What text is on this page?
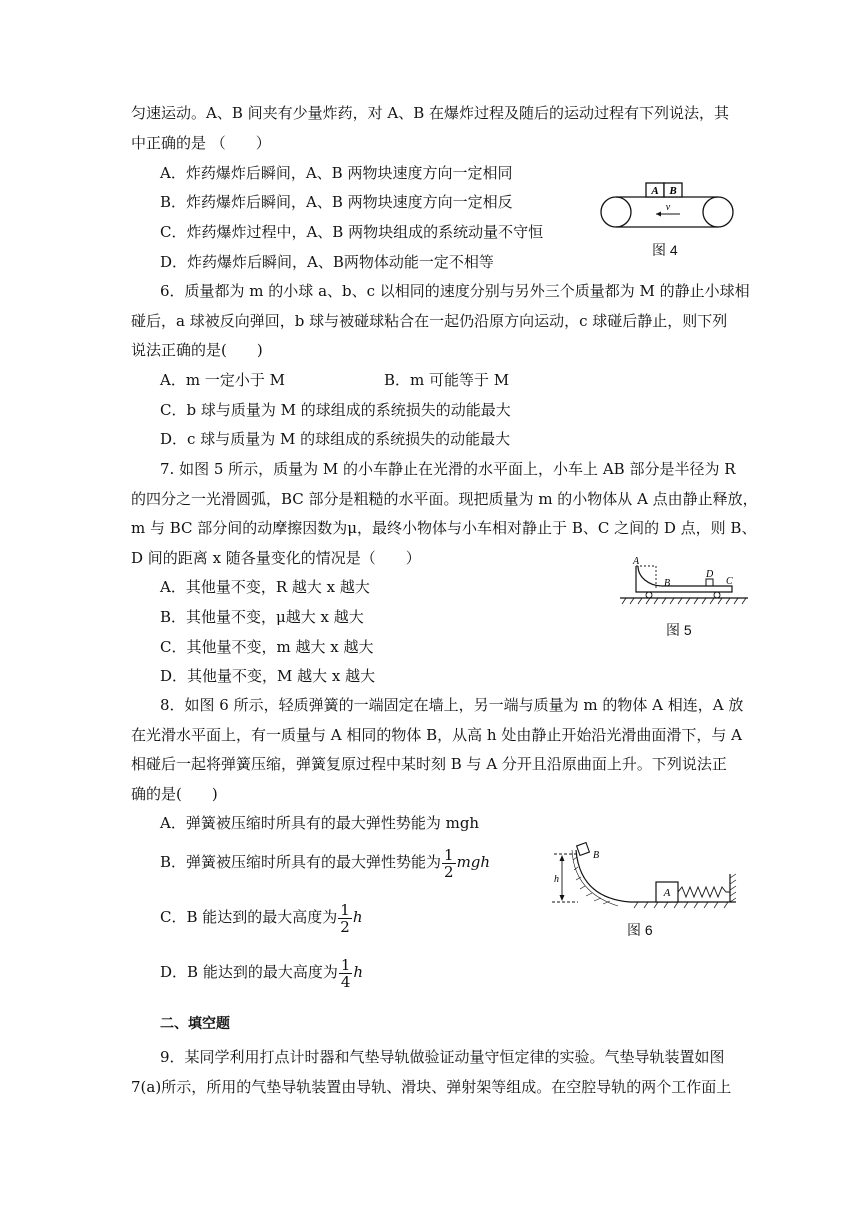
匀速运动。A、B 间夹有少量炸药，对 A、B 在爆炸过程及随后的运动过程有下列说法，其
中正确的是 （　　）
A．炸药爆炸后瞬间，A、B 两物块速度方向一定相同
B．炸药爆炸后瞬间，A、B 两物块速度方向一定相反
C．炸药爆炸过程中，A、B 两物块组成的系统动量不守恒
D．炸药爆炸后瞬间，A、B两物体动能一定不相等
A B
v
图 4
6．质量都为 m 的小球 a、b、c 以相同的速度分别与另外三个质量都为 M 的静止小球相
碰后，a 球被反向弹回，b 球与被碰球粘合在一起仍沿原方向运动，c 球碰后静止，则下列
说法正确的是(　　)
A．m 一定小于 M	B．m 可能等于 M
C．b 球与质量为 M 的球组成的系统损失的动能最大
D．c 球与质量为 M 的球组成的系统损失的动能最大
7. 如图 5 所示，质量为 M 的小车静止在光滑的水平面上，小车上 AB 部分是半径为 R
的四分之一光滑圆弧，BC 部分是粗糙的水平面。现把质量为 m 的小物体从 A 点由静止释放，
m 与 BC 部分间的动摩擦因数为μ，最终小物体与小车相对静止于 B、C 之间的 D 点，则 B、
D 间的距离 x 随各量变化的情况是（　　）
A．其他量不变，R 越大 x 越大
B．其他量不变，μ越大 x 越大
C．其他量不变，m 越大 x 越大
D．其他量不变，M 越大 x 越大
A
B
D
C
图 5
8．如图 6 所示，轻质弹簧的一端固定在墙上，另一端与质量为 m 的物体 A 相连，A 放
在光滑水平面上，有一质量与 A 相同的物体 B，从高 h 处由静止开始沿光滑曲面滑下，与 A
相碰后一起将弹簧压缩，弹簧复原过程中某时刻 B 与 A 分开且沿原曲面上升。下列说法正
确的是(　　)
A．弹簧被压缩时所具有的最大弹性势能为 mgh
B．弹簧被压缩时所具有的最大弹性势能为 $\frac{1}{2}$ mgh
C．B 能达到的最大高度为 $\frac{1}{2}$ h
D．B 能达到的最大高度为 $\frac{1}{4}$ h
h
B
A
图 6
二、填空题
9．某同学利用打点计时器和气垫导轨做验证动量守恒定律的实验。气垫导轨装置如图
7(a)所示，所用的气垫导轨装置由导轨、滑块、弹射架等组成。在空腔导轨的两个工作面上
